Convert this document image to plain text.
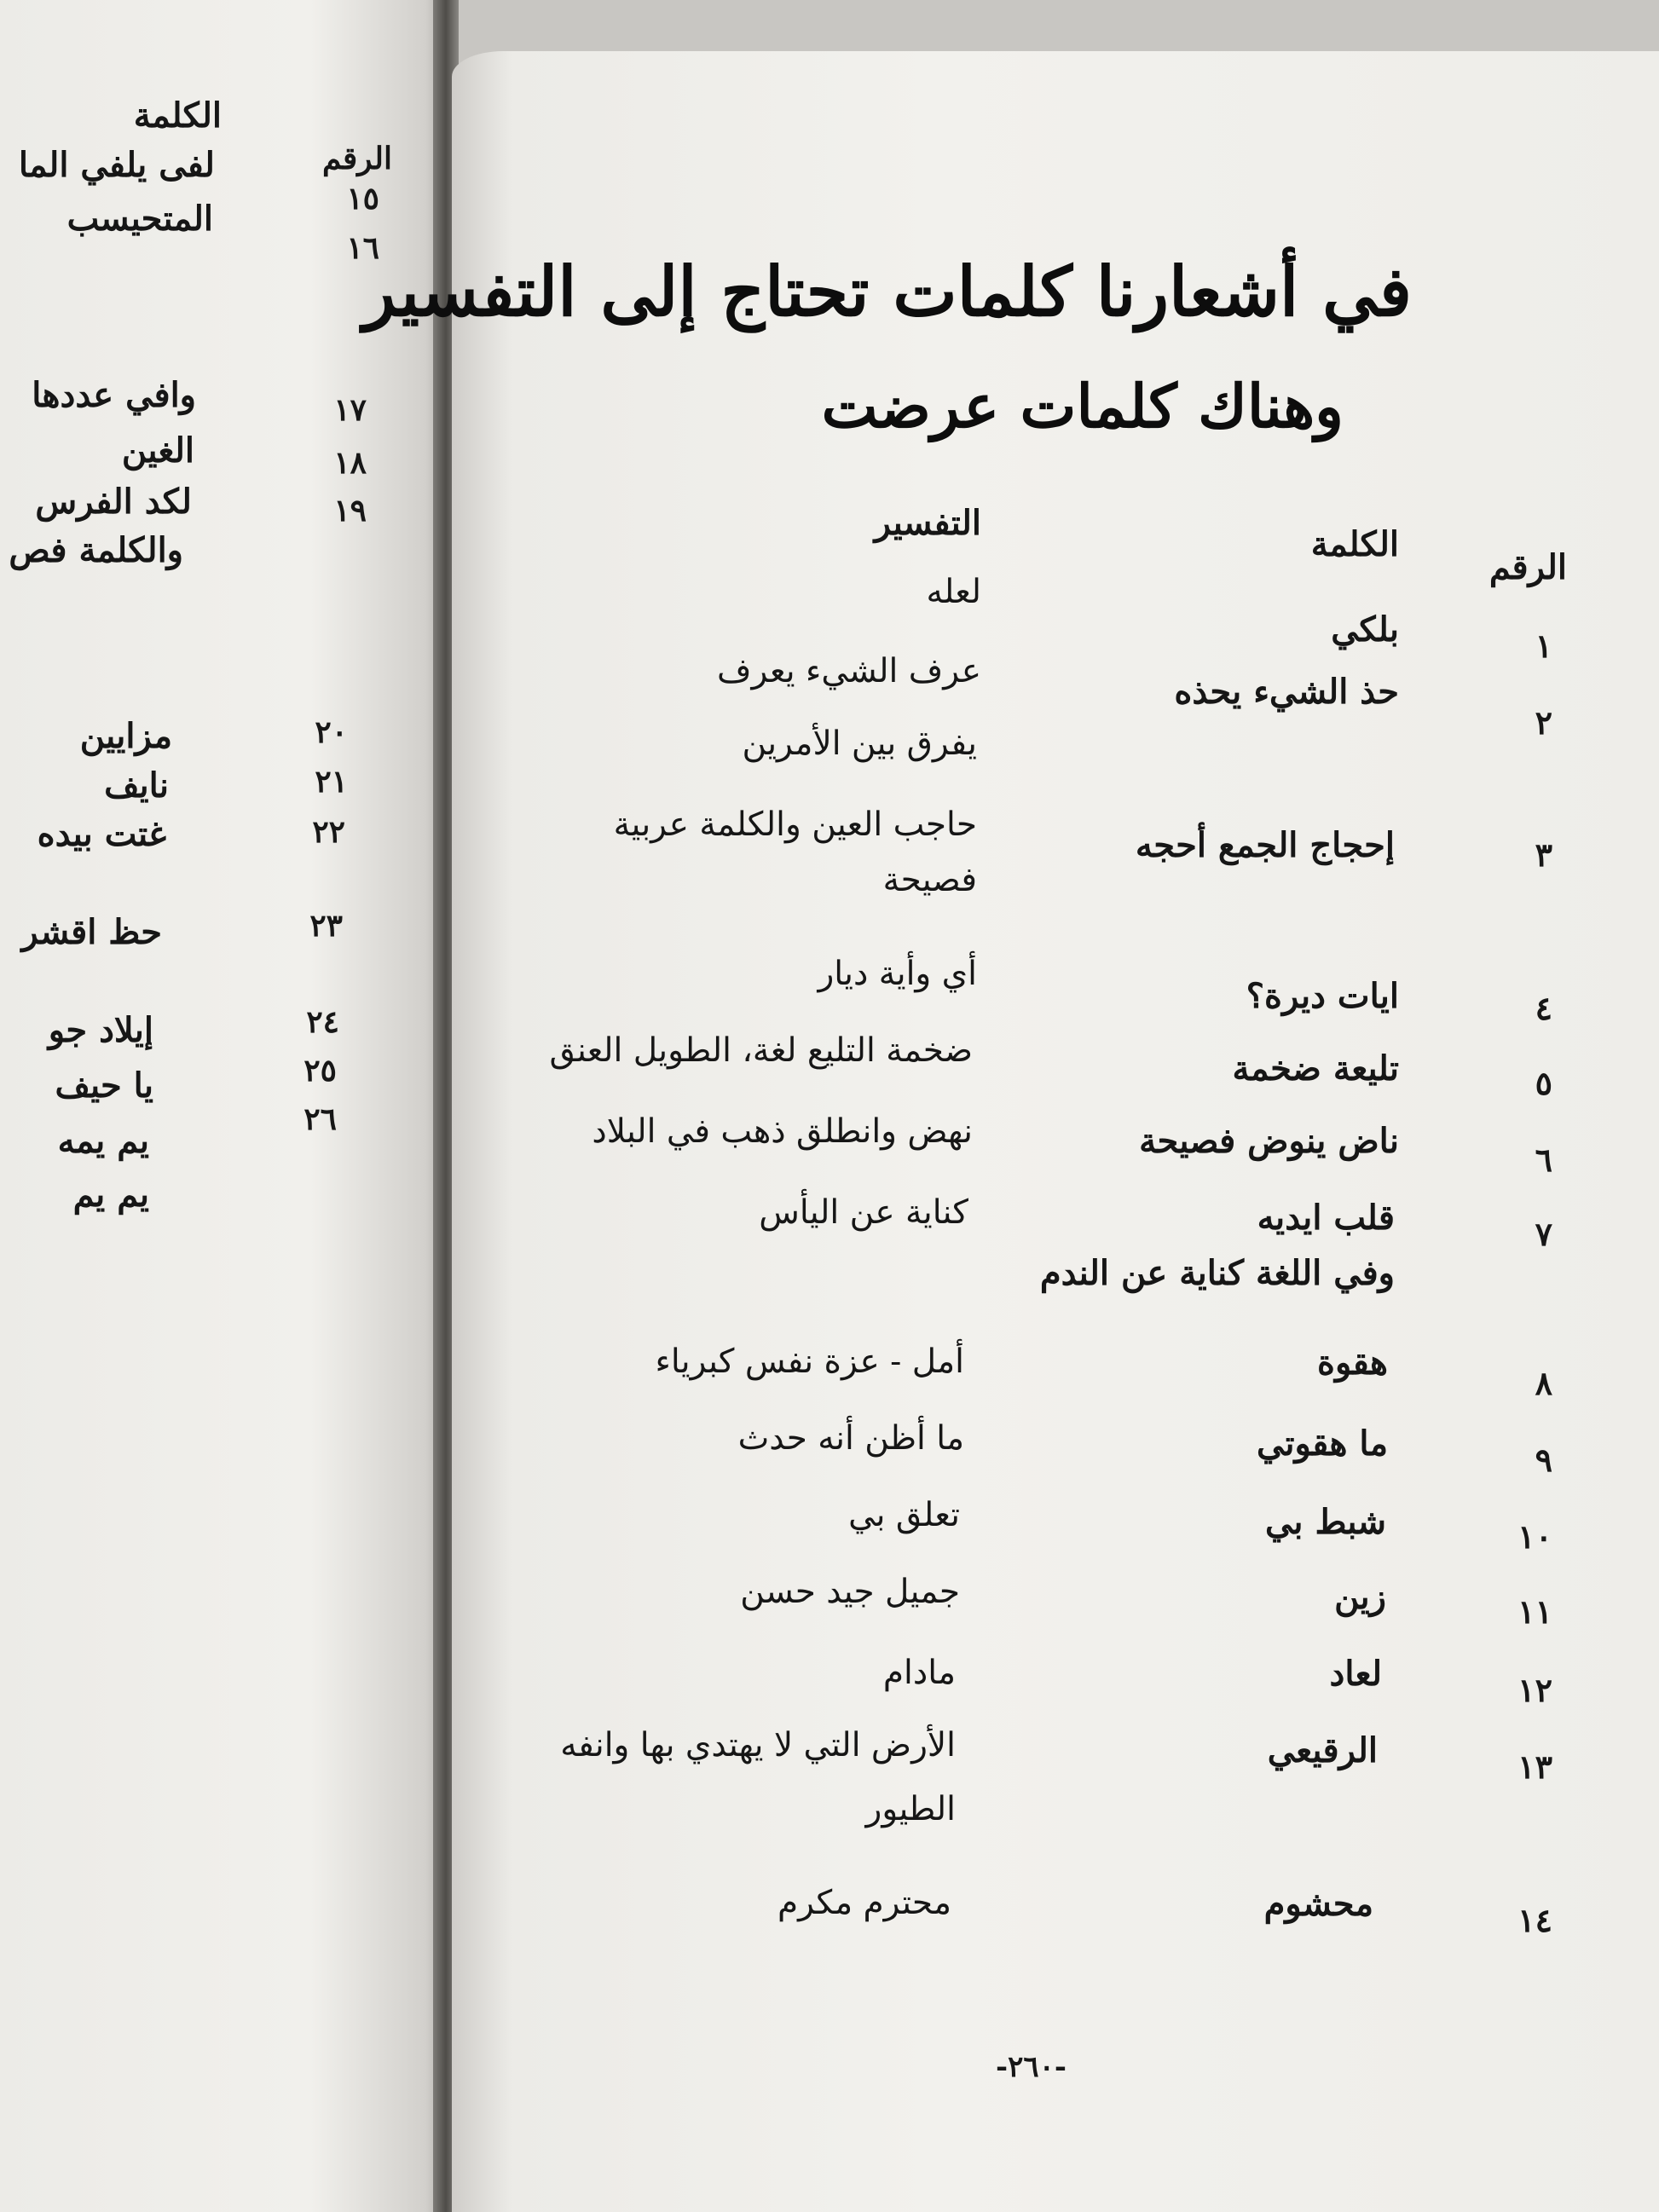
الكلمة
الرقم
لفى يلفي الما
المتحيسب
وافي عددها
الغين
لكد الفرس
والكلمة فص
مزايين
نايف
غتت بيده
حظ اقشر
إيلاد جو
يا حيف
يم يمه
يم يم
١٥
١٦
١٧
١٨
١٩
٢٠
٢١
٢٢
٢٣
٢٤
٢٥
٢٦
في أشعارنا كلمات تحتاج إلى التفسير
وهناك كلمات عرضت
الرقم
الكلمة
التفسير
١
٢
٣
٤
٥
٦
٧
٨
٩
١٠
١١
١٢
١٣
١٤
بلكي
حذ الشيء يحذه
إحجاج الجمع أحجه
ايات ديرة؟
تليعة ضخمة
ناض ينوض فصيحة
قلب ايديه
وفي اللغة كناية عن الندم
هقوة
ما هقوتي
شبط بي
زين
لعاد
الرقيعي
محشوم
لعله
عرف الشيء يعرف
يفرق بين الأمرين
حاجب العين والكلمة عربية
فصيحة
أي وأية ديار
ضخمة التليع لغة، الطويل العنق
نهض وانطلق ذهب في البلاد
كناية عن اليأس
أمل - عزة نفس كبرياء
ما أظن أنه حدث
تعلق بي
جميل جيد حسن
مادام
الأرض التي لا يهتدي بها وانفه
الطيور
محترم مكرم
-٢٦٠-
